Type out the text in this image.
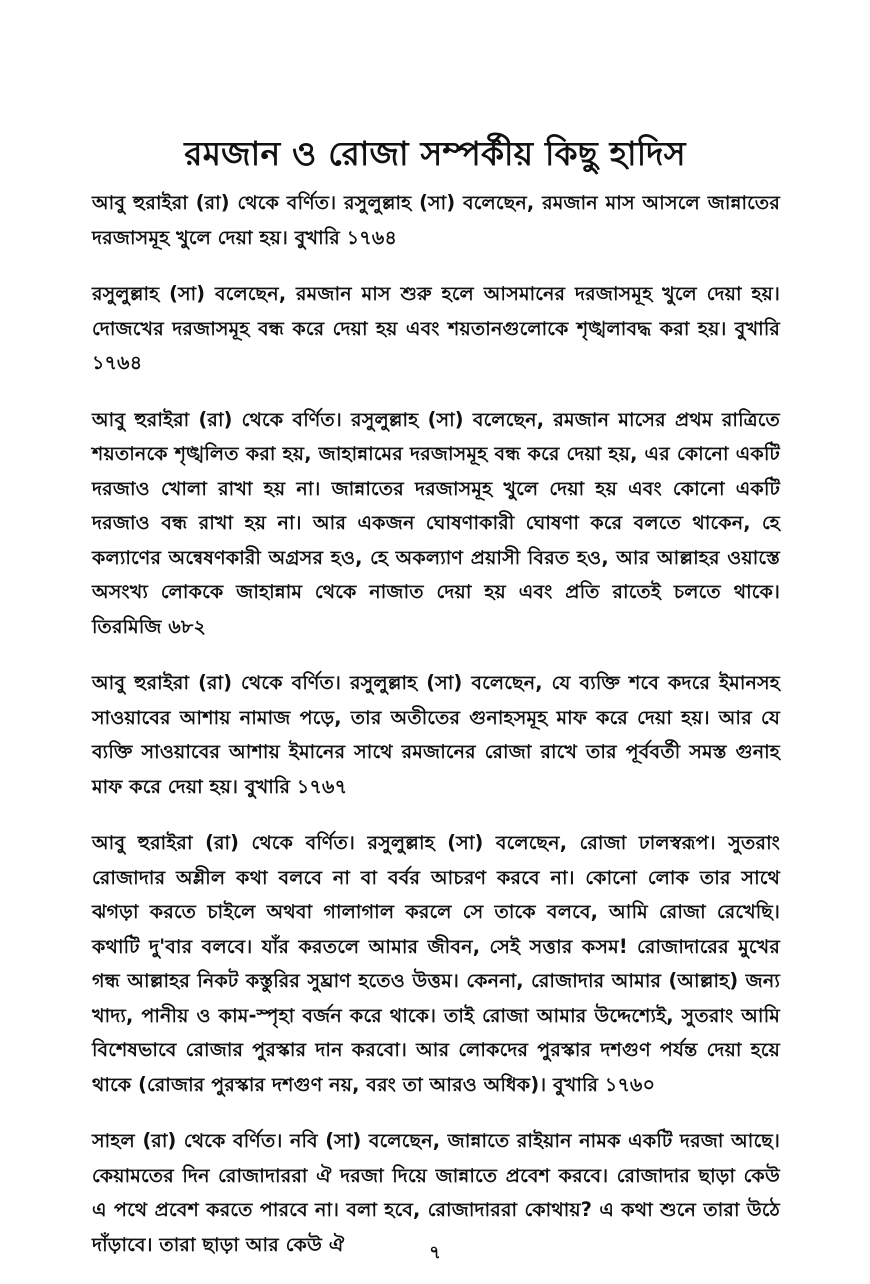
রমজান ও রোজা সম্পর্কীয় কিছু হাদিস

আবু হুরাইরা (রা) থেকে বর্ণিত। রসুলুল্লাহ (সা) বলেছেন, রমজান মাস আসলে জান্নাতের দরজাসমূহ খুলে দেয়া হয়। বুখারি ১৭৬৪

রসুলুল্লাহ (সা) বলেছেন, রমজান মাস শুরু হলে আসমানের দরজাসমূহ খুলে দেয়া হয়। দোজখের দরজাসমূহ বন্ধ করে দেয়া হয় এবং শয়তানগুলোকে শৃঙ্খলাবদ্ধ করা হয়। বুখারি ১৭৬৪

আবু হুরাইরা (রা) থেকে বর্ণিত। রসুলুল্লাহ (সা) বলেছেন, রমজান মাসের প্রথম রাত্রিতে শয়তানকে শৃঙ্খলিত করা হয়, জাহান্নামের দরজাসমূহ বন্ধ করে দেয়া হয়, এর কোনো একটি দরজাও খোলা রাখা হয় না। জান্নাতের দরজাসমূহ খুলে দেয়া হয় এবং কোনো একটি দরজাও বন্ধ রাখা হয় না। আর একজন ঘোষণাকারী ঘোষণা করে বলতে থাকেন, হে কল্যাণের অন্বেষণকারী অগ্রসর হও, হে অকল্যাণ প্রয়াসী বিরত হও, আর আল্লাহর ওয়াস্তে অসংখ্য লোককে জাহান্নাম থেকে নাজাত দেয়া হয় এবং প্রতি রাতেই চলতে থাকে। তিরমিজি ৬৮২

আবু হুরাইরা (রা) থেকে বর্ণিত। রসুলুল্লাহ (সা) বলেছেন, যে ব্যক্তি শবে কদরে ইমানসহ সাওয়াবের আশায় নামাজ পড়ে, তার অতীতের গুনাহসমূহ মাফ করে দেয়া হয়। আর যে ব্যক্তি সাওয়াবের আশায় ইমানের সাথে রমজানের রোজা রাখে তার পূর্ববর্তী সমস্ত গুনাহ মাফ করে দেয়া হয়। বুখারি ১৭৬৭

আবু হুরাইরা (রা) থেকে বর্ণিত। রসুলুল্লাহ (সা) বলেছেন, রোজা ঢালস্বরূপ। সুতরাং রোজাদার অশ্লীল কথা বলবে না বা বর্বর আচরণ করবে না। কোনো লোক তার সাথে ঝগড়া করতে চাইলে অথবা গালাগাল করলে সে তাকে বলবে, আমি রোজা রেখেছি। কথাটি দু'বার বলবে। যাঁর করতলে আমার জীবন, সেই সত্তার কসম! রোজাদারের মুখের গন্ধ আল্লাহর নিকট কস্তুরির সুঘ্রাণ হতেও উত্তম। কেননা, রোজাদার আমার (আল্লাহ) জন্য খাদ্য, পানীয় ও কাম-স্পৃহা বর্জন করে থাকে। তাই রোজা আমার উদ্দেশ্যেই, সুতরাং আমি বিশেষভাবে রোজার পুরস্কার দান করবো। আর লোকদের পুরস্কার দশগুণ পর্যন্ত দেয়া হয়ে থাকে (রোজার পুরস্কার দশগুণ নয়, বরং তা আরও অধিক)। বুখারি ১৭৬০

সাহল (রা) থেকে বর্ণিত। নবি (সা) বলেছেন, জান্নাতে রাইয়ান নামক একটি দরজা আছে। কেয়ামতের দিন রোজাদাররা ঐ দরজা দিয়ে জান্নাতে প্রবেশ করবে। রোজাদার ছাড়া কেউ এ পথে প্রবেশ করতে পারবে না। বলা হবে, রোজাদাররা কোথায়? এ কথা শুনে তারা উঠে দাঁড়াবে। তারা ছাড়া আর কেউ ঐ	৭
